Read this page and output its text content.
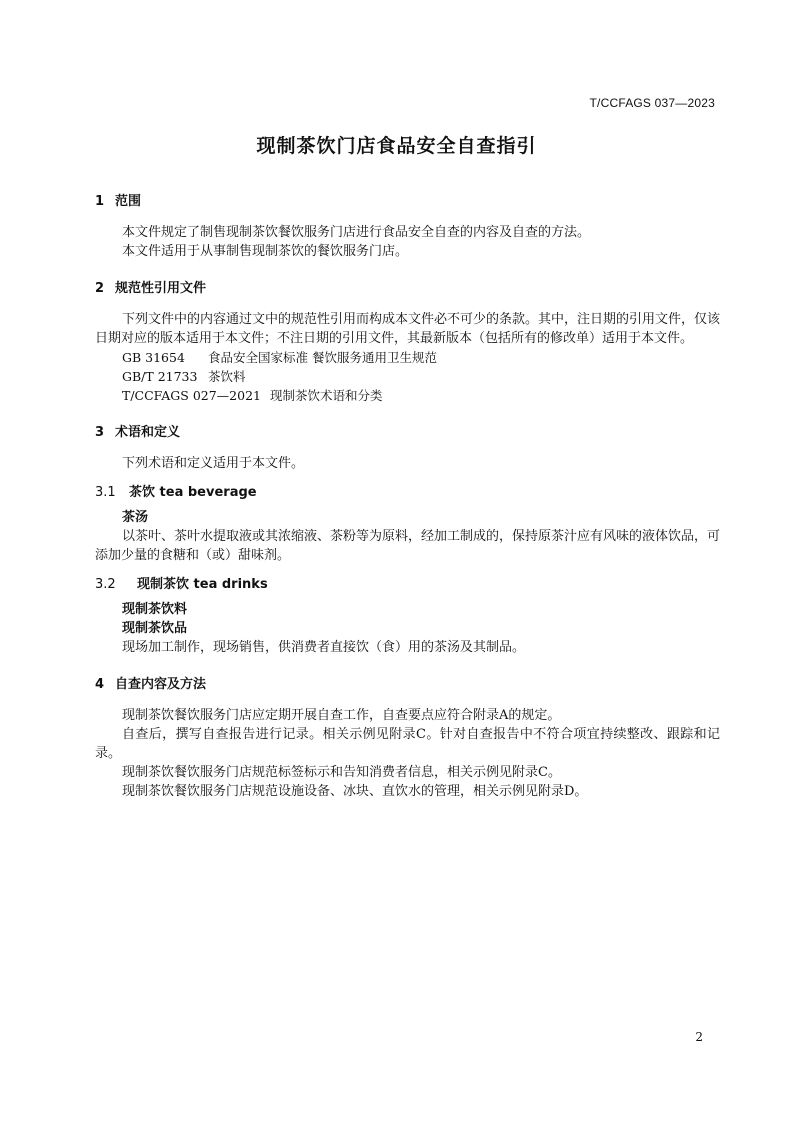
T/CCFAGS 037—2023
现制茶饮门店食品安全自查指引
1 范围

本文件规定了制售现制茶饮餐饮服务门店进行食品安全自查的内容及自查的方法。

本文件适用于从事制售现制茶饮的餐饮服务门店。

2 规范性引用文件

下列文件中的内容通过文中的规范性引用而构成本文件必不可少的条款。其中，注日期的引用文件，仅该日期对应的版本适用于本文件；不注日期的引用文件，其最新版本（包括所有的修改单）适用于本文件。

GB 31654 食品安全国家标准 餐饮服务通用卫生规范

GB/T 21733 茶饮料

T/CCFAGS 027—2021 现制茶饮术语和分类

3 术语和定义

下列术语和定义适用于本文件。

3.1 茶饮 tea beverage

茶汤

以茶叶、茶叶水提取液或其浓缩液、茶粉等为原料，经加工制成的，保持原茶汁应有风味的液体饮品，可添加少量的食糖和（或）甜味剂。

3.2 现制茶饮 tea drinks

现制茶饮料

现制茶饮品

现场加工制作，现场销售，供消费者直接饮（食）用的茶汤及其制品。

4 自查内容及方法

现制茶饮餐饮服务门店应定期开展自查工作，自查要点应符合附录A的规定。

自查后，撰写自查报告进行记录。相关示例见附录C。针对自查报告中不符合项宜持续整改、跟踪和记录。

现制茶饮餐饮服务门店规范标签标示和告知消费者信息，相关示例见附录C。

现制茶饮餐饮服务门店规范设施设备、冰块、直饮水的管理，相关示例见附录D。

2
